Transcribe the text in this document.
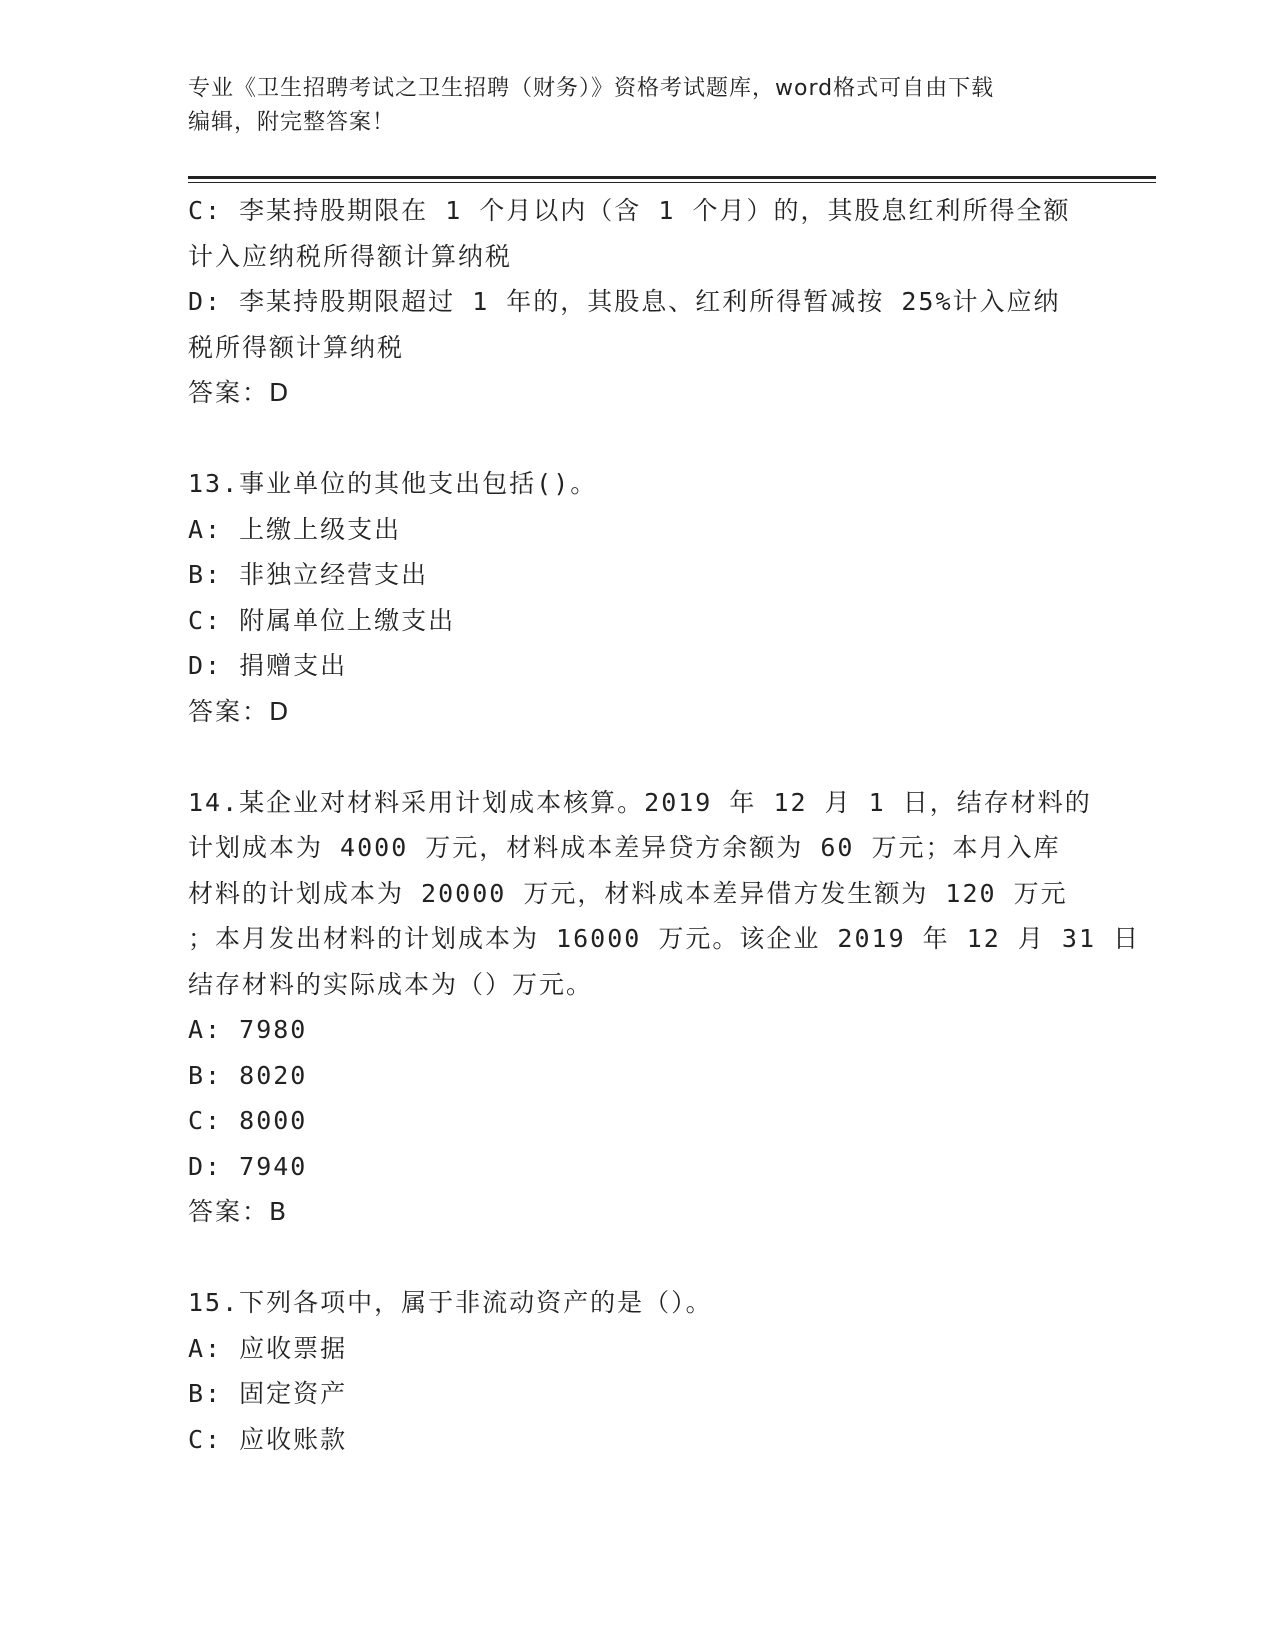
专业《卫生招聘考试之卫生招聘（财务）》资格考试题库，word格式可自由下载
编辑，附完整答案！
C: 李某持股期限在 1 个月以内（含 1 个月）的，其股息红利所得全额
计入应纳税所得额计算纳税
D: 李某持股期限超过 1 年的，其股息、红利所得暂减按 25%计入应纳
税所得额计算纳税
答案：D
13.事业单位的其他支出包括()。
A: 上缴上级支出
B: 非独立经营支出
C: 附属单位上缴支出
D: 捐赠支出
答案：D
14.某企业对材料采用计划成本核算。2019 年 12 月 1 日，结存材料的
计划成本为 4000 万元，材料成本差异贷方余额为 60 万元；本月入库
材料的计划成本为 20000 万元，材料成本差异借方发生额为 120 万元
；本月发出材料的计划成本为 16000 万元。该企业 2019 年 12 月 31 日
结存材料的实际成本为（）万元。
A: 7980
B: 8020
C: 8000
D: 7940
答案：B
15.下列各项中，属于非流动资产的是（）。
A: 应收票据
B: 固定资产
C: 应收账款
